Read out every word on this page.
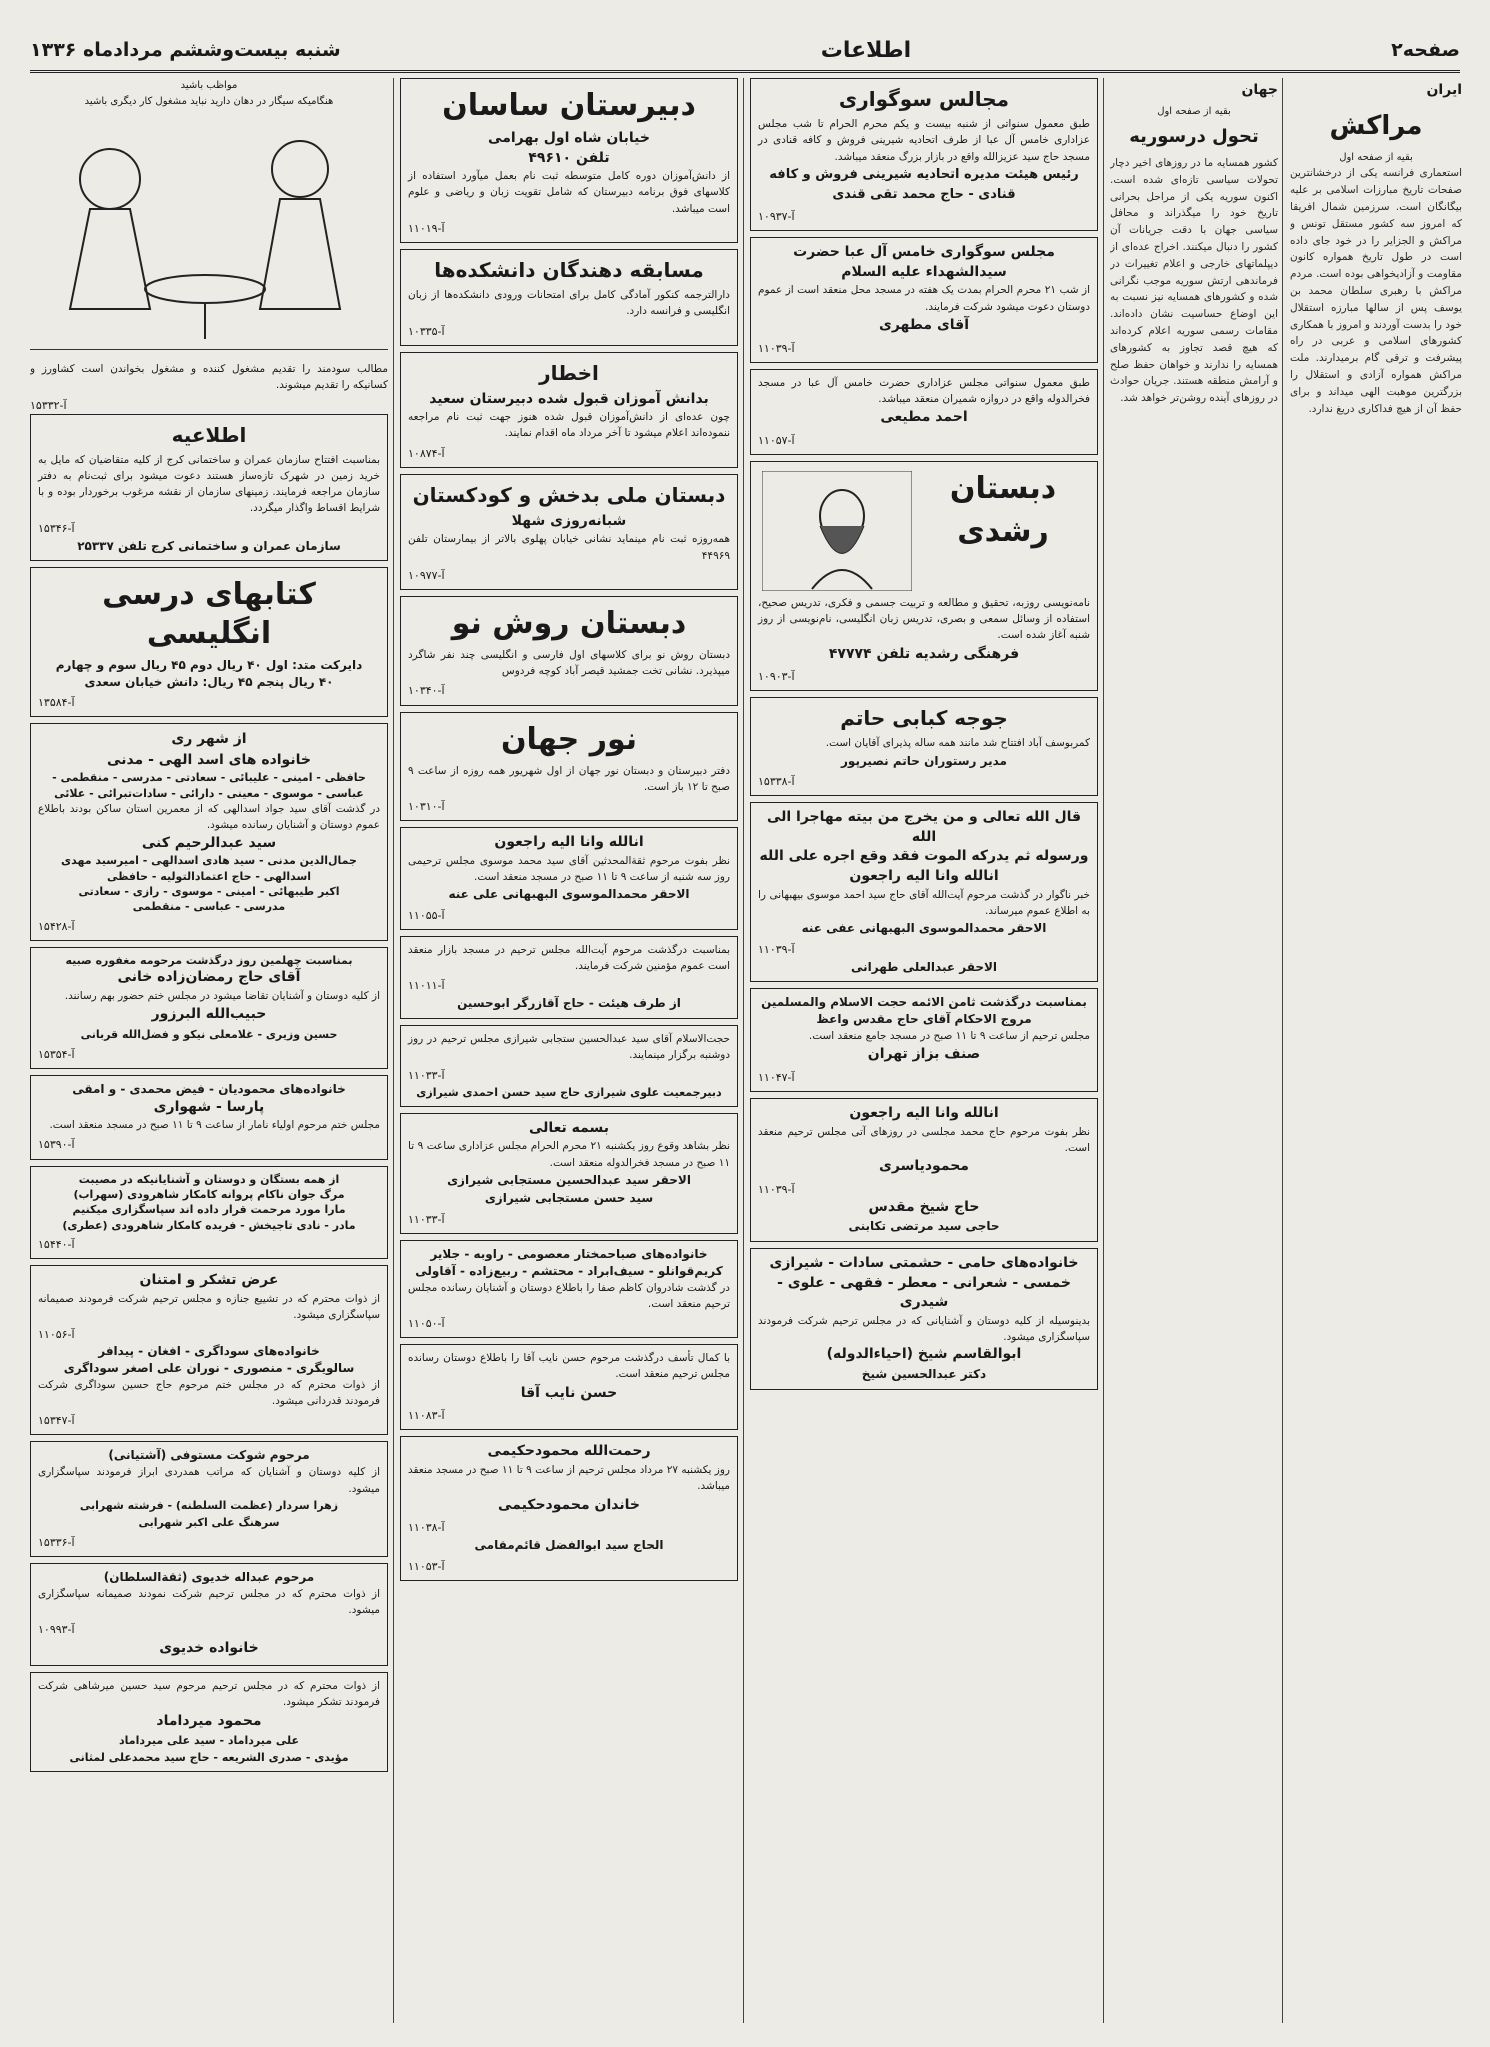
صفحه۲
اطلاعات
شنبه بیست‌وششم مردادماه ۱۳۳۶
ایران
مراکش
بقیه از صفحه اول
استعماری فرانسه یکی از درخشانترین صفحات تاریخ مبارزات اسلامی بر علیه بیگانگان است. سرزمین شمال افریقا که امروز سه کشور مستقل تونس و مراکش و الجزایر را در خود جای داده است در طول تاریخ همواره کانون مقاومت و آزادیخواهی بوده است. مردم مراکش با رهبری سلطان محمد بن یوسف پس از سالها مبارزه استقلال خود را بدست آوردند و امروز با همکاری کشورهای اسلامی و عربی در راه پیشرفت و ترقی گام برمیدارند. ملت مراکش همواره آزادی و استقلال را بزرگترین موهبت الهی میداند و برای حفظ آن از هیچ فداکاری دریغ ندارد.
جهان
بقیه از صفحه اول
تحول درسوریه
کشور همسایه ما در روزهای اخیر دچار تحولات سیاسی تازه‌ای شده است. اکنون سوریه یکی از مراحل بحرانی تاریخ خود را میگذراند و محافل سیاسی جهان با دقت جریانات آن کشور را دنبال میکنند. اخراج عده‌ای از دیپلماتهای خارجی و اعلام تغییرات در فرماندهی ارتش سوریه موجب نگرانی شده و کشورهای همسایه نیز نسبت به این اوضاع حساسیت نشان داده‌اند. مقامات رسمی سوریه اعلام کرده‌اند که هیچ قصد تجاوز به کشورهای همسایه را ندارند و خواهان حفظ صلح و آرامش منطقه هستند. جریان حوادث در روزهای آینده روشن‌تر خواهد شد.
مجالس سوگواری
طبق معمول سنواتی از شنبه بیست و یکم محرم الحرام تا شب مجلس عزاداری خامس آل عبا از طرف اتحادیه شیرینی فروش و کافه قنادی در مسجد حاج سید عزیزالله واقع در بازار بزرگ منعقد میباشد.
رئیس هیئت مدیره اتحادیه شیرینی فروش و کافه قنادی - حاج محمد تقی قندی
آ-۱۰۹۳۷
مجلس سوگواری خامس آل عبا حضرت سیدالشهداء علیه السلام
از شب ۲۱ محرم الحرام بمدت یک هفته در مسجد محل منعقد است از عموم دوستان دعوت میشود شرکت فرمایند.
آقای مطهری
آ-۱۱۰۳۹
طبق معمول سنواتی مجلس عزاداری حضرت خامس آل عبا در مسجد فخرالدوله واقع در دروازه شمیران منعقد میباشد.
احمد مطیعی
آ-۱۱۰۵۷
دبستان
رشدی
نامه‌نویسی روزبه، تحقیق و مطالعه و تربیت جسمی و فکری، تدریس صحیح، استفاده از وسائل سمعی و بصری، تدریس زبان انگلیسی، نام‌نویسی از روز شنبه آغاز شده است.
فرهنگی رشدیه تلفن ۴۷۷۷۴
آ-۱۰۹۰۳
جوجه کبابی حاتم
کمربوسف آباد افتتاح شد مانند همه ساله پذیرای آقایان است.
مدیر رستوران حاتم نصیرپور
آ-۱۵۳۳۸
قال الله تعالی و من یخرج من بیته مهاجرا الی الله
ورسوله ثم یدرکه الموت فقد وقع اجره علی الله
انالله وانا الیه راجعون
خبر ناگوار در گذشت مرحوم آیت‌الله آقای حاج سید احمد موسوی بیهبهانی را به اطلاع عموم میرساند.
الاحقر محمدالموسوی البهبهانی عفی عنه
آ-۱۱۰۳۹
الاحقر عبدالعلی طهرانی
بمناسبت درگذشت ثامن الائمه حجت الاسلام والمسلمین مروج الاحکام آقای حاج مقدس واعظ
مجلس ترحیم از ساعت ۹ تا ۱۱ صبح در مسجد جامع منعقد است.
صنف بزاز تهران
آ-۱۱۰۴۷
انالله وانا الیه راجعون
نظر بفوت مرحوم حاج محمد مجلسی در روزهای آتی مجلس ترحیم منعقد است.
محمودیاسری
آ-۱۱۰۳۹
حاج شیخ مقدس
حاجی سید مرتضی تکابنی
خانواده‌های حامی - حشمتی سادات - شیرازی
خمسی - شعرانی - معطر - فقهی - علوی - شیدری
بدینوسیله از کلیه دوستان و آشنایانی که در مجلس ترحیم شرکت فرمودند سپاسگزاری میشود.
ابوالقاسم شیخ (احیاءالدوله)
دکتر عبدالحسین شیخ
دبیرستان ساسان
خیابان شاه اول بهرامی
تلفن ۴۹۶۱۰
از دانش‌آموزان دوره کامل متوسطه ثبت نام بعمل میآورد استفاده از کلاسهای فوق برنامه دبیرستان که شامل تقویت زبان و ریاضی و علوم است میباشد.
آ-۱۱۰۱۹
مسابقه دهندگان دانشکده‌ها
دارالترجمه کنکور آمادگی کامل برای امتحانات ورودی دانشکده‌ها از زبان انگلیسی و فرانسه دارد.
آ-۱۰۳۳۵
اخطار
بدانش آموزان قبول شده دبیرستان سعید
چون عده‌ای از دانش‌آموزان قبول شده هنوز جهت ثبت نام مراجعه ننموده‌اند اعلام میشود تا آخر مرداد ماه اقدام نمایند.
آ-۱۰۸۷۴
دبستان ملی بدخش و کودکستان
شبانه‌روزی شهلا
همه‌روزه ثبت نام مینماید نشانی خیابان پهلوی بالاتر از بیمارستان تلفن ۴۴۹۶۹
آ-۱۰۹۷۷
دبستان روش نو
دبستان روش نو برای کلاسهای اول فارسی و انگلیسی چند نفر شاگرد میپذیرد. نشانی تخت جمشید قیصر آباد کوچه فردوس
آ-۱۰۳۴۰
نور جهان
دفتر دبیرستان و دبستان نور جهان از اول شهریور همه روزه از ساعت ۹ صبح تا ۱۲ باز است.
آ-۱۰۳۱۰
انالله وانا الیه راجعون
نظر بفوت مرحوم ثقةالمحدثین آقای سید محمد موسوی مجلس ترحیمی روز سه شنبه از ساعت ۹ تا ۱۱ صبح در مسجد منعقد است.
الاحقر محمدالموسوی البهبهانی علی عنه
آ-۱۱۰۵۵
بمناسبت درگذشت مرحوم آیت‌الله مجلس ترحیم در مسجد بازار منعقد است عموم مؤمنین شرکت فرمایند.
آ-۱۱۰۱۱
از طرف هیئت - حاج آقازرگر ابوحسین
حجت‌الاسلام آقای سید عبدالحسین ستجابی شیرازی مجلس ترحیم در روز دوشنبه برگزار مینمایند.
آ-۱۱۰۳۳
دبیرجمعیت علوی شیرازی حاج سید حسن احمدی شیرازی
بسمه تعالی
نظر بشاهد وقوع روز یکشنبه ۲۱ محرم الحرام مجلس عزاداری ساعت ۹ تا ۱۱ صبح در مسجد فخرالدوله منعقد است.
الاحقر سید عبدالحسین مستجابی شیرازی
سید حسن مستجابی شیرازی
آ-۱۱۰۳۳
خانواده‌های صباحمختار معصومی - راوبه - جلایر
کریم‌قوانلو - سیف‌ابراد - محتشم - ربیع‌زاده - آقاولی
در گذشت شادروان کاظم صفا را باطلاع دوستان و آشنایان رسانده مجلس ترحیم منعقد است.
آ-۱۱۰۵۰
با کمال تأسف درگذشت مرحوم حسن نایب آقا را باطلاع دوستان رسانده مجلس ترحیم منعقد است.
حسن نایب آقا
آ-۱۱۰۸۳
رحمت‌الله محمودحکیمی
روز یکشنبه ۲۷ مرداد مجلس ترحیم از ساعت ۹ تا ۱۱ صبح در مسجد منعقد میباشد.
خاندان محمودحکیمی
آ-۱۱۰۳۸
الحاج سید ابوالفضل قائم‌مقامی
آ-۱۱۰۵۳
مواظب باشید
هنگامیکه سیگار در دهان دارید نباید مشغول کار دیگری باشید
مطالب سودمند را تقدیم مشغول کننده و مشغول بخواندن است کشاورز و کسانیکه را تقدیم میشوند.
آ-۱۵۳۳۲
اطلاعیه
بمناسبت افتتاح سازمان عمران و ساختمانی کرج از کلیه متقاضیان که مایل به خرید زمین در شهرک تازه‌ساز هستند دعوت میشود برای ثبت‌نام به دفتر سازمان مراجعه فرمایند. زمینهای سازمان از نقشه مرغوب برخوردار بوده و با شرایط اقساط واگذار میگردد.
آ-۱۵۳۴۶
سازمان عمران و ساختمانی کرج تلفن ۲۵۳۳۷
کتابهای درسی انگلیسی
دایرکت متد: اول ۴۰ ریال دوم ۴۵ ریال سوم و چهارم
۴۰ ریال پنجم ۴۵ ریال: دانش خیابان سعدی
آ-۱۳۵۸۴
از شهر ری
خانواده های اسد الهی - مدنی
حافظی - امینی - علیبائی - سعادتی - مدرسی - منقطمی - عباسی - موسوی - معینی - دارائی - سادات‌تبرائی - علائی
در گذشت آقای سید جواد اسدالهی که از معمرین استان ساکن بودند باطلاع عموم دوستان و آشنایان رسانده میشود.
سید عبدالرحیم کنی
جمال‌الدین مدنی - سید هادی اسدالهی - امیرسید مهدی اسدالهی - حاج اعتمادالتولیه - حافظی
اکبر طیبهائی - امینی - موسوی - رازی - سعادتی
مدرسی - عباسی - منقطمی
آ-۱۵۴۲۸
بمناسبت چهلمین روز درگذشت مرحومه مغفوره صبیه
آقای حاج رمضان‌زاده خانی
از کلیه دوستان و آشنایان تقاضا میشود در مجلس ختم حضور بهم رسانند.
حبیب‌الله البرزور
حسین وزیری - غلامعلی نیکو و فضل‌الله قربانی
آ-۱۵۳۵۴
خانواده‌های محمودیان - فیض محمدی - و امقی
پارسا - شهواری
مجلس ختم مرحوم اولیاء نامار از ساعت ۹ تا ۱۱ صبح در مسجد منعقد است.
آ-۱۵۳۹۰
از همه بستگان و دوستان و آشنایانیکه در مصیبت
مرگ جوان ناکام پروانه کامکار شاهرودی (سهراب)
مارا مورد مرحمت قرار داده اند سپاسگزاری میکنیم
مادر - نادی تاجیخش - فریده کامکار شاهرودی (عطری)
آ-۱۵۴۴۰
عرض تشکر و امتنان
از ذوات محترم که در تشییع جنازه و مجلس ترحیم شرکت فرمودند صمیمانه سپاسگزاری میشود.
آ-۱۱۰۵۶
خانواده‌های سوداگری - افغان - پیدافر
سالویگری - منصوری - نوران علی اصغر سوداگری
از ذوات محترم که در مجلس ختم مرحوم حاج حسین سوداگری شرکت فرمودند قدردانی میشود.
آ-۱۵۳۴۷
مرحوم شوکت مستوفی (آشتیانی)
از کلیه دوستان و آشنایان که مراتب همدردی ابراز فرمودند سپاسگزاری میشود.
زهرا سردار (عظمت السلطنه) - فرشته شهرابی
سرهنگ علی اکبر شهرابی
آ-۱۵۳۳۶
مرحوم عبداله خدیوی (ثقةالسلطان)
از ذوات محترم که در مجلس ترحیم شرکت نمودند صمیمانه سپاسگزاری میشود.
آ-۱۰۹۹۳
خانواده خدیوی
از ذوات محترم که در مجلس ترحیم مرحوم سید حسین میرشاهی شرکت فرمودند تشکر میشود.
محمود میرداماد
علی میرداماد - سید علی میرداماد
مؤیدی - صدری الشریعه - حاج سید محمدعلی لمثانی
